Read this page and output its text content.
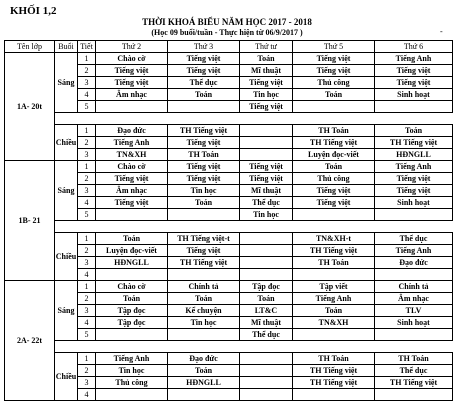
KHỐI 1,2
THỜI KHOÁ BIỂU NĂM HỌC 2017 - 2018
(Học 09 buổi/tuần - Thực hiện từ 06/9/2017 )	-
Tên lớp	Buổi	Tiết	Thứ 2	Thứ 3	Thứ tư	Thứ 5	Thứ 6
1A- 20t	Sáng	1	Chào cờ	Tiếng việt	Toán	Tiếng việt	Tiếng Anh
		2	Tiếng việt	Tiếng việt	Mĩ thuật	Tiếng việt	Tiếng việt
		3	Tiếng việt	Thể dục	Tiếng việt	Thủ công	Tiếng việt
		4	Âm nhạc	Toán	Tin học	Toán	Sinh hoạt
		5			Tiếng việt		

	Chiều	1	Đạo đức	TH Tiếng việt		TH Toán	Toán
		2	Tiếng Anh	Tiếng việt		TH Tiếng việt	TH Tiếng việt
		3	TN&XH	TH Toán		Luyện đọc-viết	HĐNGLL
1B- 21	Sáng	1	Chào cờ	Tiếng việt	Tiếng việt	Toán	Tiếng Anh
		2	Tiếng việt	Tiếng việt	Tiếng việt	Thủ công	Tiếng việt
		3	Âm nhạc	Tin học	Mĩ thuật	Tiếng việt	Tiếng việt
		4	Tiếng việt	Toán	Thể dục	Tiếng việt	Sinh hoạt
		5			Tin học		

	Chiều	1	Toán	TH Tiếng việt-t		TN&XH-t	Thể dục
		2	Luyện đọc-viết	Tiếng việt		TH Tiếng việt	Tiếng Anh
		3	HĐNGLL	TH Tiếng việt		TH Toán	Đạo đức
		4					
2A- 22t	Sáng	1	Chào cờ	Chính tả	Tập đọc	Tập viết	Chính tả
		2	Toán	Toán	Toán	Tiếng Anh	Âm nhạc
		3	Tập đọc	Kể chuyện	LT&C	Toán	TLV
		4	Tập đọc	Tin học	Mĩ thuật	TN&XH	Sinh hoạt
		5			Thể dục		

	Chiều	1	Tiếng Anh	Đạo đức		TH Toán	TH Toán
		2	Tin học	Toán		TH Tiếng việt	Thể dục
		3	Thủ công	HĐNGLL		TH Tiếng việt	TH Tiếng việt
		4					
